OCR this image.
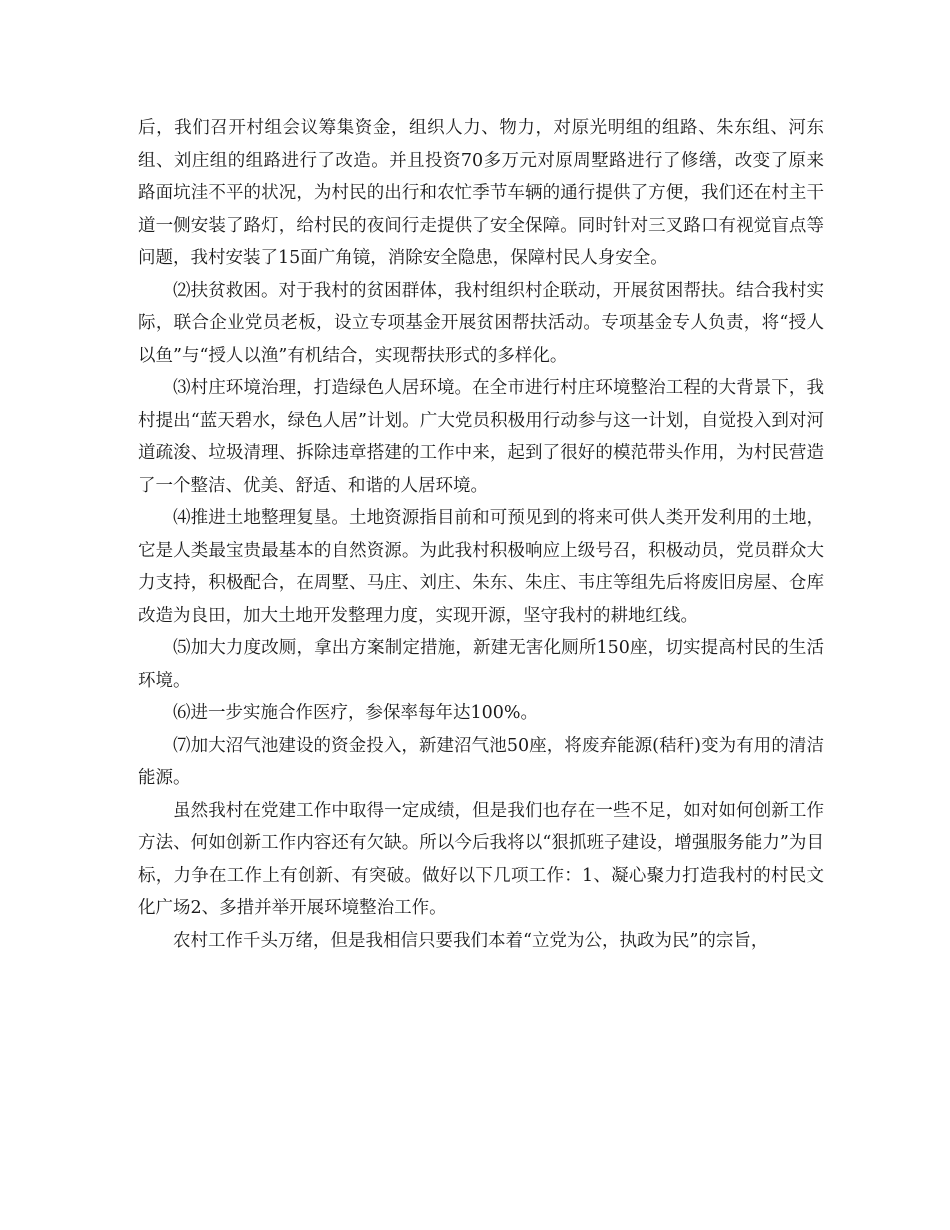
后，我们召开村组会议筹集资金，组织人力、物力，对原光明组的组路、朱东组、河东组、刘庄组的组路进行了改造。并且投资70多万元对原周墅路进行了修缮，改变了原来路面坑洼不平的状况，为村民的出行和农忙季节车辆的通行提供了方便，我们还在村主干道一侧安装了路灯，给村民的夜间行走提供了安全保障。同时针对三叉路口有视觉盲点等问题，我村安装了15面广角镜，消除安全隐患，保障村民人身安全。

⑵扶贫救困。对于我村的贫困群体，我村组织村企联动，开展贫困帮扶。结合我村实际，联合企业党员老板，设立专项基金开展贫困帮扶活动。专项基金专人负责，将“授人以鱼”与“授人以渔”有机结合，实现帮扶形式的多样化。

⑶村庄环境治理，打造绿色人居环境。在全市进行村庄环境整治工程的大背景下，我村提出“蓝天碧水，绿色人居”计划。广大党员积极用行动参与这一计划，自觉投入到对河道疏浚、垃圾清理、拆除违章搭建的工作中来，起到了很好的模范带头作用，为村民营造了一个整洁、优美、舒适、和谐的人居环境。

⑷推进土地整理复垦。土地资源指目前和可预见到的将来可供人类开发利用的土地，它是人类最宝贵最基本的自然资源。为此我村积极响应上级号召，积极动员，党员群众大力支持，积极配合，在周墅、马庄、刘庄、朱东、朱庄、韦庄等组先后将废旧房屋、仓库改造为良田，加大土地开发整理力度，实现开源，坚守我村的耕地红线。

⑸加大力度改厕，拿出方案制定措施，新建无害化厕所150座，切实提高村民的生活环境。

⑹进一步实施合作医疗，参保率每年达100%。

⑺加大沼气池建设的资金投入，新建沼气池50座，将废弃能源(秸秆)变为有用的清洁能源。

虽然我村在党建工作中取得一定成绩，但是我们也存在一些不足，如对如何创新工作方法、何如创新工作内容还有欠缺。所以今后我将以“狠抓班子建设，增强服务能力”为目标，力争在工作上有创新、有突破。做好以下几项工作：1、凝心聚力打造我村的村民文化广场2、多措并举开展环境整治工作。

农村工作千头万绪，但是我相信只要我们本着“立党为公，执政为民”的宗旨，
